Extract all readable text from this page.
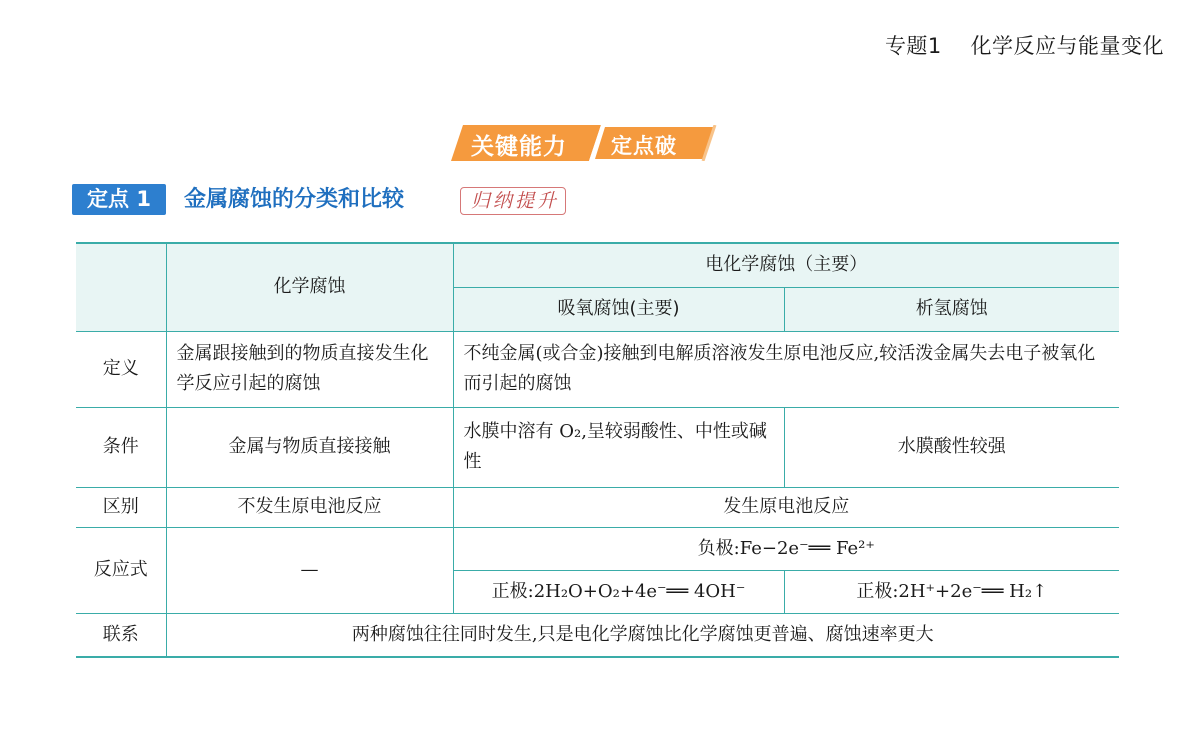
专题1    化学反应与能量变化
关键能力 定点破
定点 1	金属腐蚀的分类和比较	归纳提升
	化学腐蚀	电化学腐蚀（主要）	
		吸氧腐蚀(主要)	析氢腐蚀
定义	金属跟接触到的物质直接发生化学反应引起的腐蚀	不纯金属(或合金)接触到电解质溶液发生原电池反应,较活泼金属失去电子被氧化而引起的腐蚀	
条件	金属与物质直接接触	水膜中溶有 O₂,呈较弱酸性、中性或碱性	水膜酸性较强
区别	不发生原电池反应	发生原电池反应	
反应式	—	负极:Fe−2e⁻══ Fe²⁺	
		正极:2H₂O+O₂+4e⁻══ 4OH⁻	正极:2H⁺+2e⁻══ H₂↑
联系	两种腐蚀往往同时发生,只是电化学腐蚀比化学腐蚀更普遍、腐蚀速率更大		
